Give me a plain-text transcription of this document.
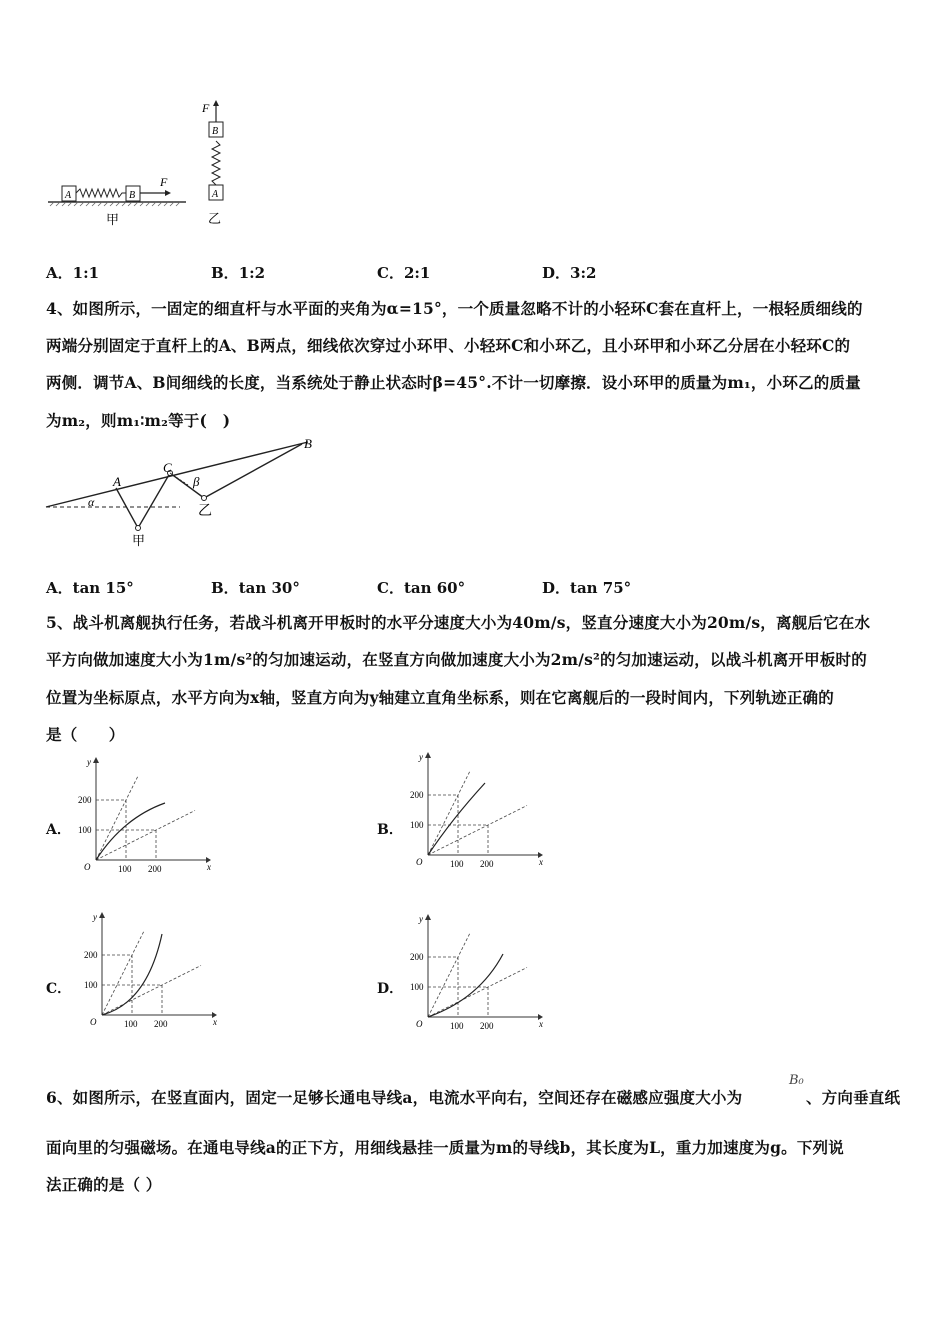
A	B
F
甲
A
B
F
乙
A．1:1	B．1:2	C．2:1	D．3:2
4、如图所示，一固定的细直杆与水平面的夹角为α=15°，一个质量忽略不计的小轻环C套在直杆上，一根轻质细线的
两端分别固定于直杆上的A、B两点，细线依次穿过小环甲、小轻环C和小环乙，且小环甲和小环乙分居在小轻环C的
两侧．调节A、B间细线的长度，当系统处于静止状态时β=45°.不计一切摩擦．设小环甲的质量为m₁，小环乙的质量
为m₂，则m₁∶m₂等于(　)
A
C
B
α
β
甲
乙
A．tan 15°	B．tan 30°	C．tan 60°	D．tan 75°
5、战斗机离舰执行任务，若战斗机离开甲板时的水平分速度大小为40m/s，竖直分速度大小为20m/s，离舰后它在水
平方向做加速度大小为1m/s²的匀加速运动，在竖直方向做加速度大小为2m/s²的匀加速运动，以战斗机离开甲板时的
位置为坐标原点，水平方向为x轴，竖直方向为y轴建立直角坐标系，则在它离舰后的一段时间内，下列轨迹正确的
是（　　）
A．	B．
C．	D．
y
x
O	100 200
100
200
y
x
O	100 200
100
200
y
x
O	100 200
100
200
y
x
O	100 200
100
200
6、如图所示，在竖直面内，固定一足够长通电导线a，电流水平向右，空间还存在磁感应强度大小为
B₀
、方向垂直纸
面向里的匀强磁场。在通电导线a的正下方，用细线悬挂一质量为m的导线b，其长度为L，重力加速度为g。下列说
法正确的是（ ）
